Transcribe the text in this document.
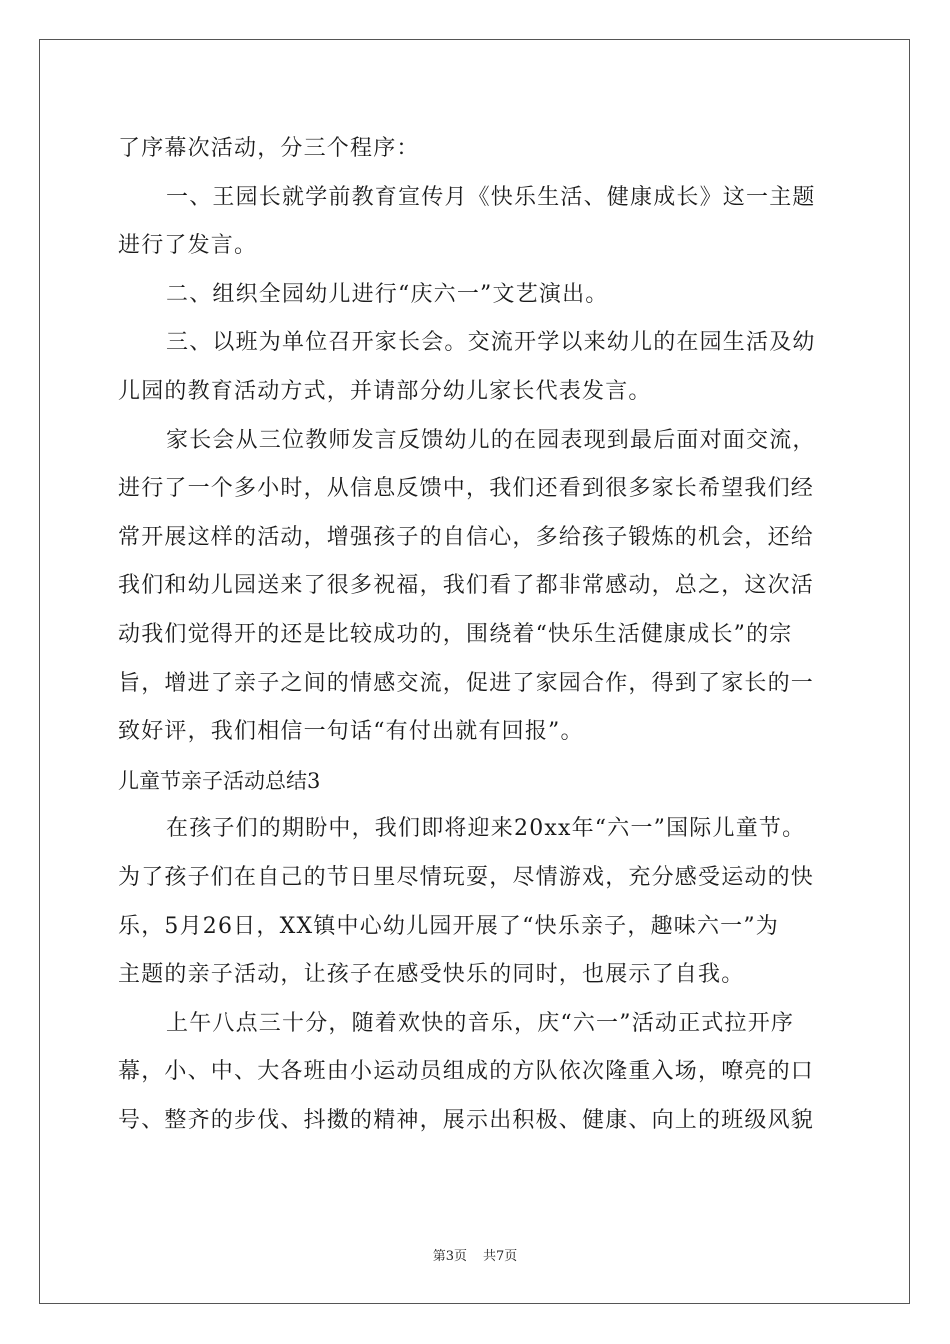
了序幕次活动，分三个程序：
一、王园长就学前教育宣传月《快乐生活、健康成长》这一主题
进行了发言。
二、组织全园幼儿进行“庆六一”文艺演出。
三、以班为单位召开家长会。交流开学以来幼儿的在园生活及幼
儿园的教育活动方式，并请部分幼儿家长代表发言。
家长会从三位教师发言反馈幼儿的在园表现到最后面对面交流，
进行了一个多小时，从信息反馈中，我们还看到很多家长希望我们经
常开展这样的活动，增强孩子的自信心，多给孩子锻炼的机会，还给
我们和幼儿园送来了很多祝福，我们看了都非常感动，总之，这次活
动我们觉得开的还是比较成功的，围绕着“快乐生活健康成长”的宗
旨，增进了亲子之间的情感交流，促进了家园合作，得到了家长的一
致好评，我们相信一句话“有付出就有回报”。
儿童节亲子活动总结3
在孩子们的期盼中，我们即将迎来20xx年“六一”国际儿童节。
为了孩子们在自己的节日里尽情玩耍，尽情游戏，充分感受运动的快
乐，5月26日，XX镇中心幼儿园开展了“快乐亲子，趣味六一”为
主题的亲子活动，让孩子在感受快乐的同时，也展示了自我。
上午八点三十分，随着欢快的音乐，庆“六一”活动正式拉开序
幕，小、中、大各班由小运动员组成的方队依次隆重入场，嘹亮的口
号、整齐的步伐、抖擞的精神，展示出积极、健康、向上的班级风貌
第3页 共7页
